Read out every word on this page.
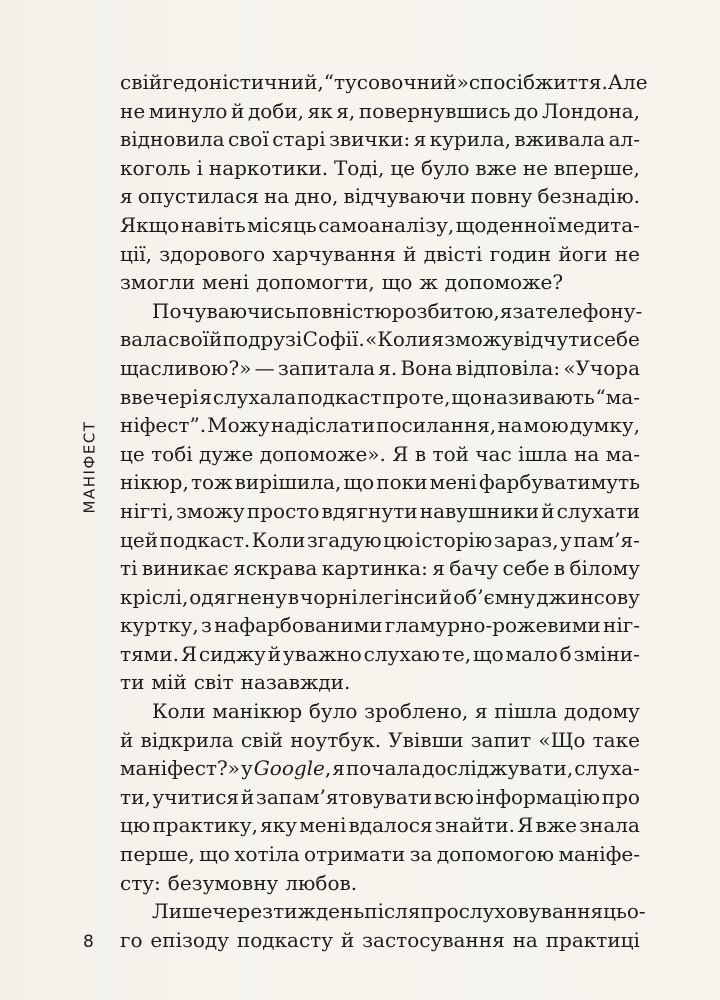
МАНІФЕСТ
свій гедоністичний, “тусовочний» спосіб життя. Але
не минуло й доби, як я, повернувшись до Лондона,
відновила свої старі звички: я курила, вживала ал-
коголь і наркотики. Тоді, це було вже не вперше,
я опустилася на дно, відчуваючи повну безнадію.
Якщо навіть місяць самоаналізу, щоденної медита-
ції, здорового харчування й двісті годин йоги не
змогли мені допомогти, що ж допоможе?
Почуваючись повністю розбитою, я зателефону-
вала своїй подрузі Софії. «Коли я зможу відчути себе
щасливою?» — запитала я. Вона відповіла: «Учора
ввечері я слухала подкаст про те, що називають “ма-
ніфест”. Можу надіслати посилання, на мою думку,
це тобі дуже допоможе». Я в той час ішла на ма-
нікюр, тож вирішила, що поки мені фарбуватимуть
нігті, зможу просто вдягнути навушники й слухати
цей подкаст. Коли згадую цю історію зараз, у пам’я-
ті виникає яскрава картинка: я бачу себе в білому
кріслі, одягнену в чорні легінси й об’ємну джинсову
куртку, з нафарбованими гламурно-рожевими ніг-
тями. Я сиджу й уважно слухаю те, що мало б зміни-
ти мій світ назавжди.
Коли манікюр було зроблено, я пішла додому
й відкрила свій ноутбук. Увівши запит «Що таке
маніфест?» у Google, я почала досліджувати, слуха-
ти, учитися й запам’ятовувати всю інформацію про
цю практику, яку мені вдалося знайти. Я вже знала
перше, що хотіла отримати за допомогою маніфе-
сту: безумовну любов.
Лише через тиждень після прослуховування цьо-
го епізоду подкасту й застосування на практиці
8
